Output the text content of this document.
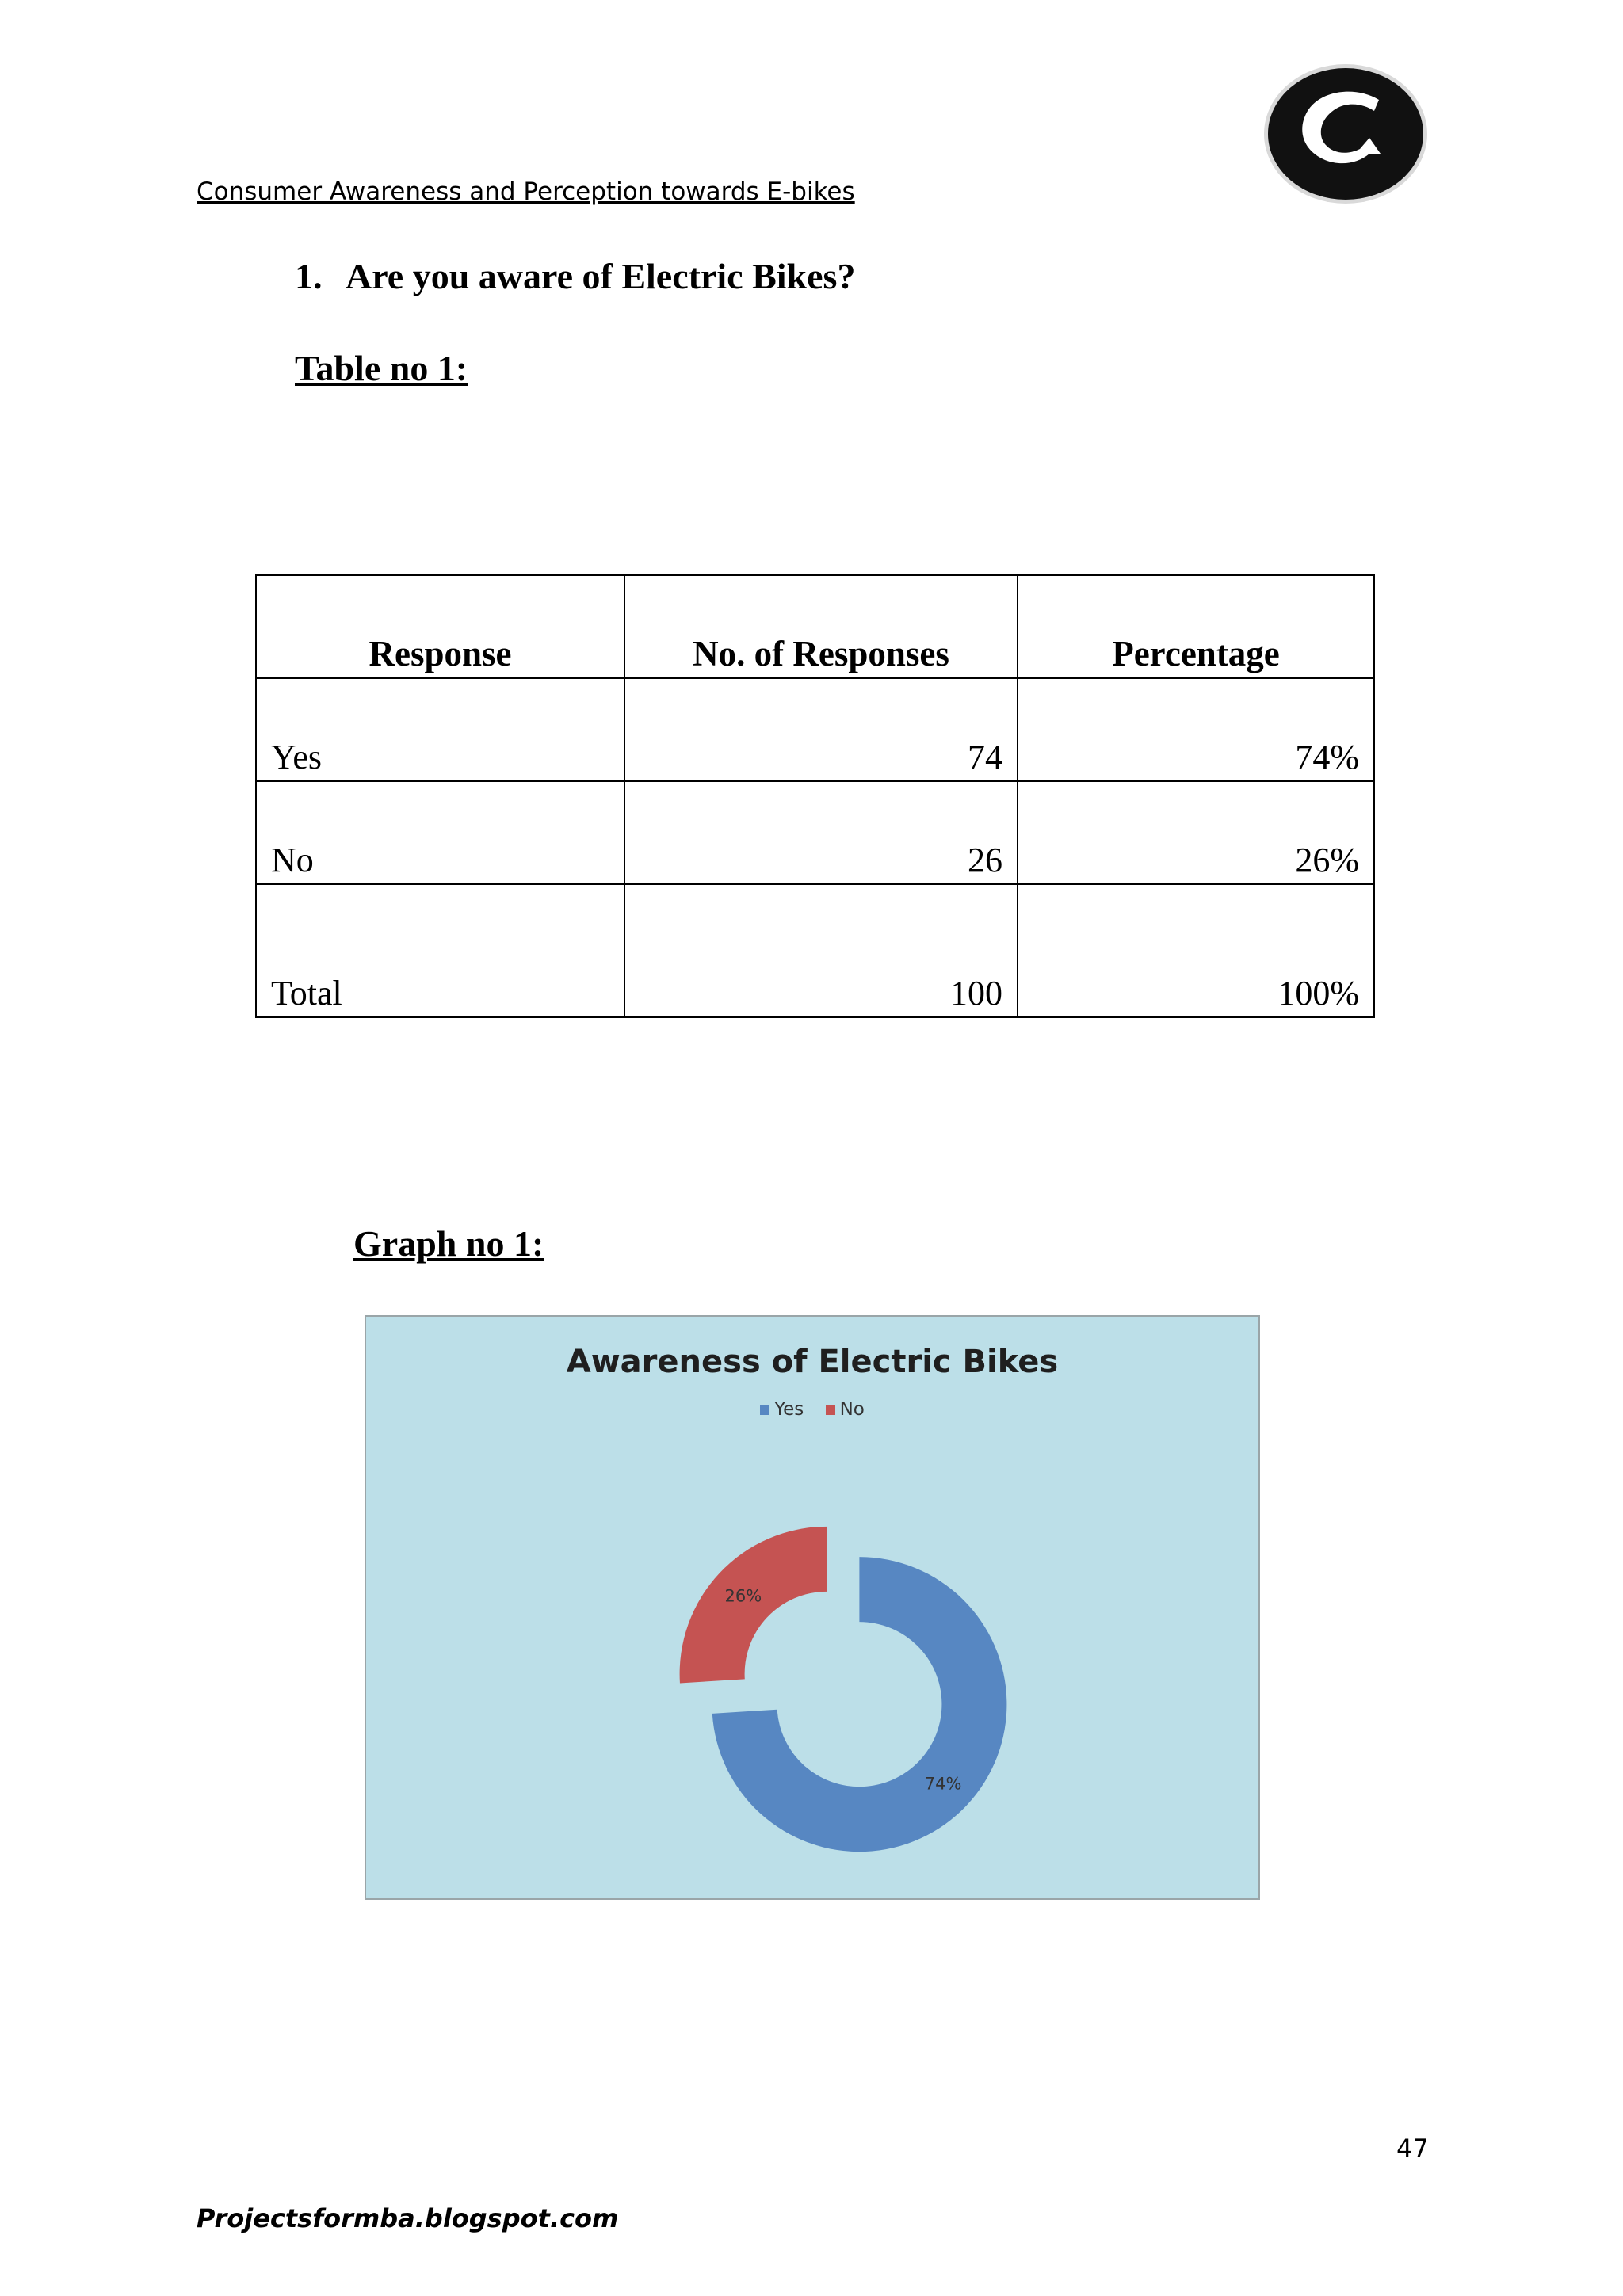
Consumer Awareness and Perception towards E-bikes
1. Are you aware of Electric Bikes?
Table no 1:
Response	No. of Responses	Percentage
Yes	74	74%
No	26	26%
Total	100	100%
Graph no 1:
Awareness of Electric Bikes
Yes No
74%
26%
47
Projectsformba.blogspot.com
